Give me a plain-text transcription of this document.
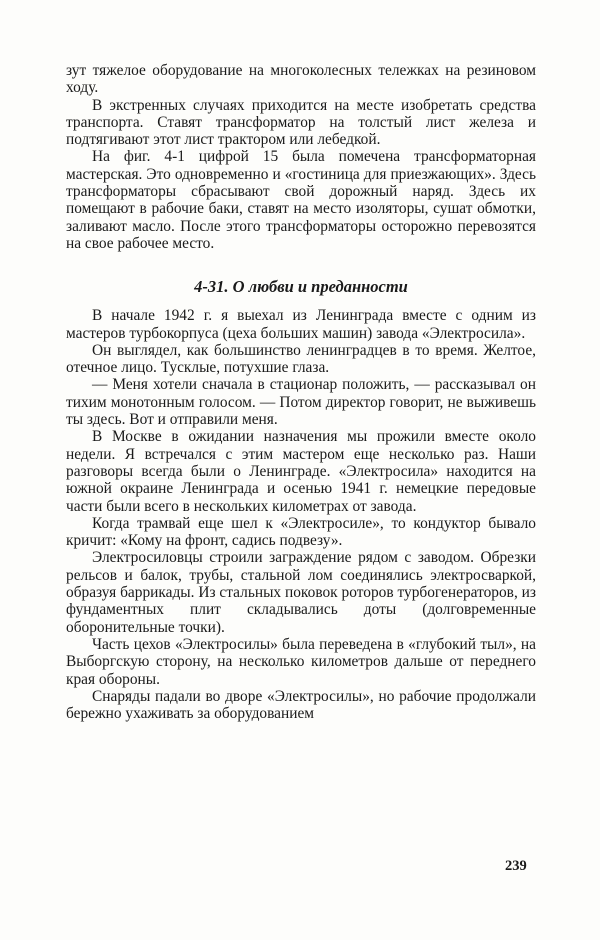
зут тяжелое оборудование на многоколесных тележках на резиновом ходу.

В экстренных случаях приходится на месте изобретать средства транспорта. Ставят трансформатор на толстый лист железа и подтягивают этот лист трактором или лебедкой.

Ha фиг. 4-1 цифрой 15 была помечена трансформаторная мастерская. Это одновременно и «гостиница для приезжающих». Здесь трансформаторы сбрасывают свой дорожный наряд. Здесь их помещают в рабочие баки, ставят на место изоляторы, сушат обмотки, заливают масло. После этого трансформаторы осторожно перевозятся на свое рабочее место.

4-31. О любви и преданности

В начале 1942 г. я выехал из Ленинграда вместе с одним из мастеров турбокорпуса (цеха больших машин) завода «Электросила».

Он выглядел, как большинство ленинградцев в то время. Желтое, отечное лицо. Тусклые, потухшие глаза.

— Меня хотели сначала в стационар положить, — рассказывал он тихим монотонным голосом. — Потом директор говорит, не выживешь ты здесь. Вот и отправили меня.

В Москве в ожидании назначения мы прожили вместе около недели. Я встречался с этим мастером еще несколько раз. Наши разговоры всегда были о Ленинграде. «Электросила» находится на южной окраине Ленинграда и осенью 1941 г. немецкие передовые части были всего в нескольких километрах от завода.

Когда трамвай еще шел к «Электросиле», то кондуктор бывало кричит: «Кому на фронт, садись подвезу».

Электросиловцы строили заграждение рядом с заводом. Обрезки рельсов и балок, трубы, стальной лом соединялись электросваркой, образуя баррикады. Из стальных поковок роторов турбогенераторов, из фундаментных плит складывались доты (долговременные оборонительные точки).

Часть цехов «Электросилы» была переведена в «глубокий тыл», на Выборгскую сторону, на несколько километров дальше от переднего края обороны.

Снаряды падали во дворе «Электросилы», но рабочие продолжали бережно ухаживать за оборудованием

239
